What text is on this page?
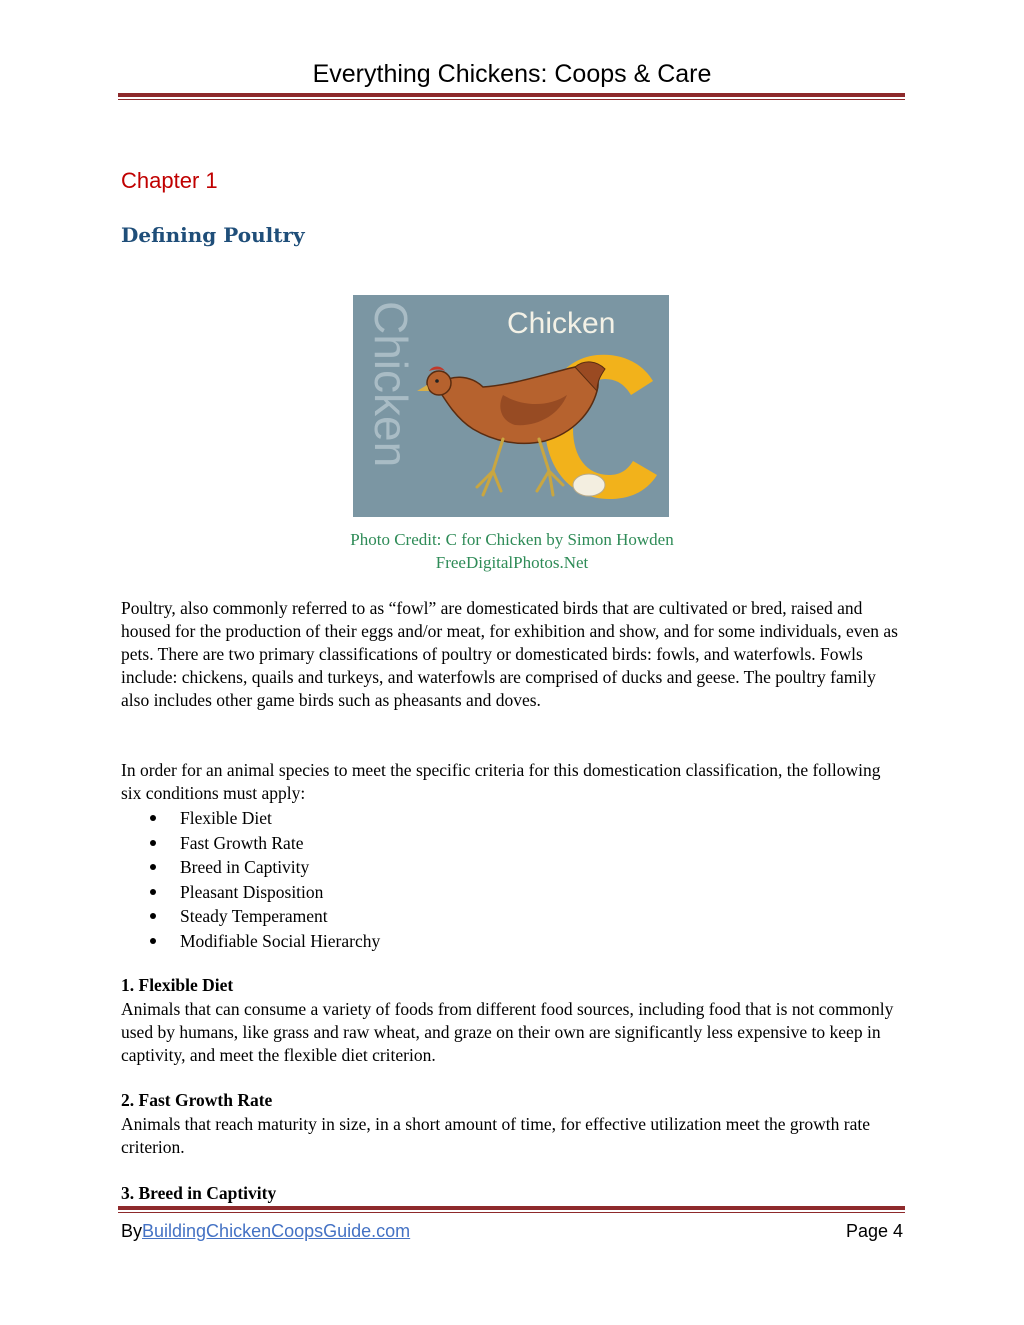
Everything Chickens: Coops & Care
Chapter 1
Defining Poultry
Chicken	Chicken
Photo Credit: C for Chicken by Simon Howden
FreeDigitalPhotos.Net

Poultry, also commonly referred to as “fowl” are domesticated birds that are cultivated or bred, raised and housed for the production of their eggs and/or meat, for exhibition and show, and for some individuals, even as pets. There are two primary classifications of poultry or domesticated birds: fowls, and waterfowls. Fowls include: chickens, quails and turkeys, and waterfowls are comprised of ducks and geese. The poultry family also includes other game birds such as pheasants and doves.

In order for an animal species to meet the specific criteria for this domestication classification, the following six conditions must apply:

Flexible Diet
Fast Growth Rate
Breed in Captivity
Pleasant Disposition
Steady Temperament
Modifiable Social Hierarchy
1. Flexible Diet

Animals that can consume a variety of foods from different food sources, including food that is not commonly used by humans, like grass and raw wheat, and graze on their own are significantly less expensive to keep in captivity, and meet the flexible diet criterion.

2. Fast Growth Rate

Animals that reach maturity in size, in a short amount of time, for effective utilization meet the growth rate criterion.

3. Breed in Captivity
ByBuildingChickenCoopsGuide.com	Page 4
